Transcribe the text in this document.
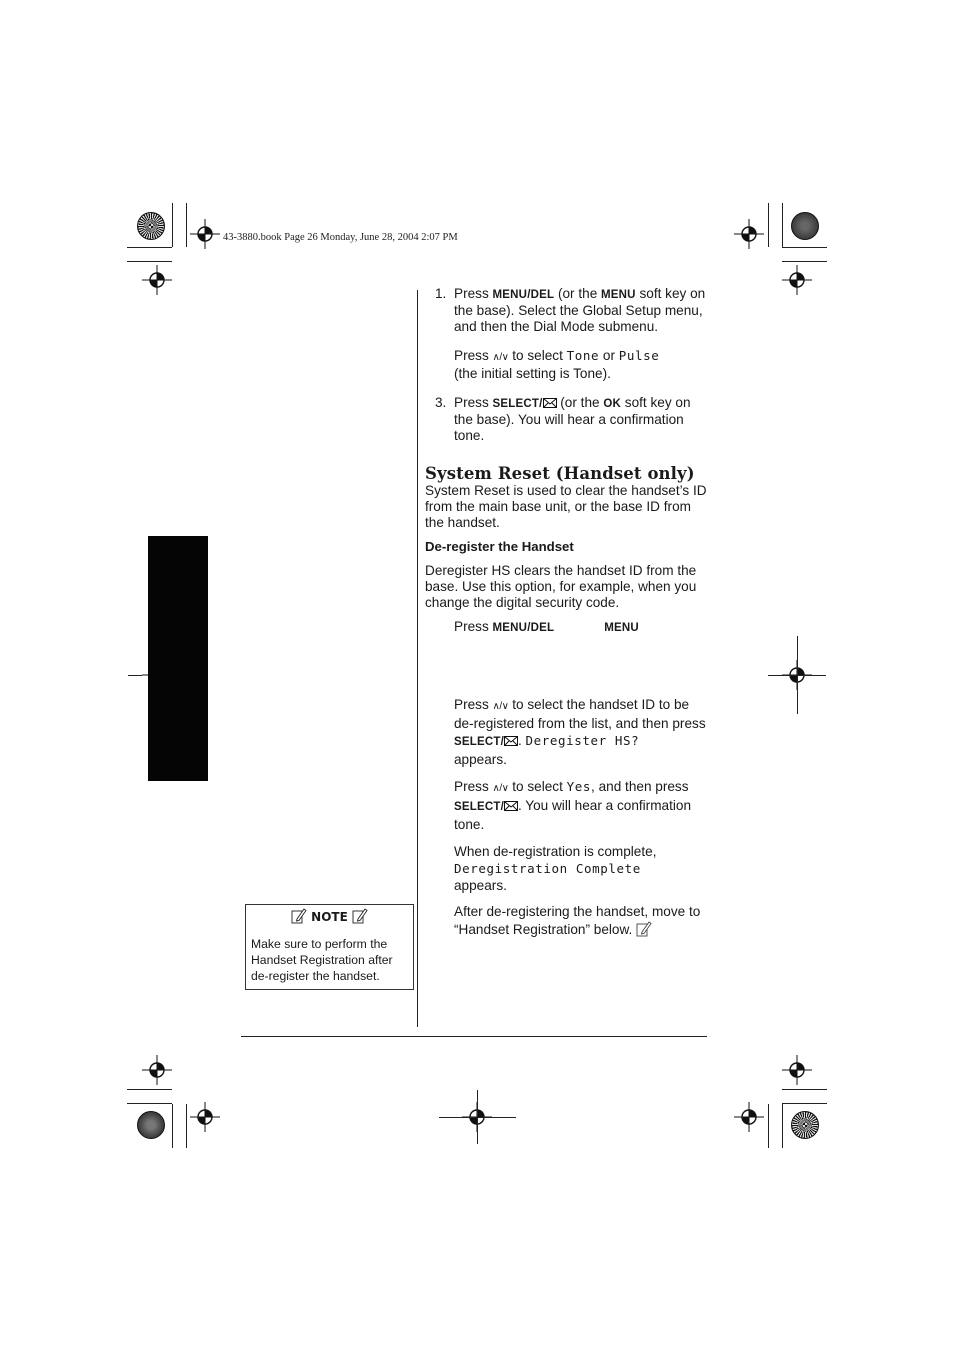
43-3880.book Page 26 Monday, June 28, 2004 2:07 PM

1. Press MENU/DEL (or the MENU soft key on the base). Select the Global Setup menu, and then the Dial Mode submenu.

Press ∧/∨ to select Tone or Pulse
(the initial setting is Tone).

3. Press SELECT/ (or the OK soft key on the base). You will hear a confirmation tone.

System Reset (Handset only)

System Reset is used to clear the handset’s ID from the main base unit, or the base ID from the handset.

De-register the Handset

Deregister HS clears the handset ID from the base. Use this option, for example, when you change the digital security code.

Press MENU/DEL	MENU

Press ∧/∨ to select the handset ID to be de-registered from the list, and then press SELECT/ . Deregister HS?
appears.

Press ∧/∨ to select Yes, and then press
SELECT/ . You will hear a confirmation tone.

When de-registration is complete,
Deregistration Complete
appears.

After de-registering the handset, move to “Handset Registration” below.

NOTE
Make sure to perform the Handset Registration after de-register the handset.
